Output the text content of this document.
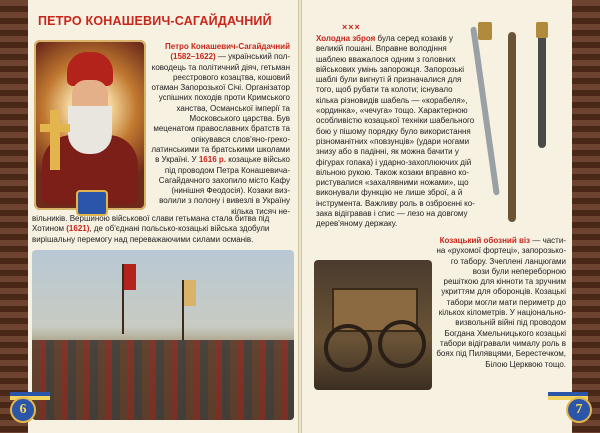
ПЕТРО КОНАШЕВИЧ-САГАЙДАЧНИЙ
Петро Конашевич-Сагайдачний (1582–1622) — український полководець та політичний діяч, гетьман реєстрового козацтва, кошовий отаман Запорозької Січі. Організатор успішних походів проти Кримського ханства, Османської імперії та Московського царства. Був меценатом православних братств та опікувався слов'яно-греколатинськими та братськими школами в Україні. У 1616 р. козацьке військо під проводом Петра Конашевича-Сагайдачного захопило місто Кафу (нинішня Феодосія). Козаки визволили з полону і вивезлі в Україну кілька тисяч не-
вільників. Вершиною військової слави гетьмана стала битва під Хотином (1621), де об'єднані польсько-козацькі війська здобули вирішальну перемогу над переважаючими силами османів.
6
×××
Холодна зброя була серед козаків у великій пошані. Вправне володіння шаблею вважалося одним з головних військових умінь запорожця. Запорозькі шаблі були вигнуті й призначалися для того, щоб рубати та колоти; існувало кілька різновидів шабель — «корабеля», «ординка», «чечуга» тощо. Характерною особливістю козацької техніки шабельного бою у пішому порядку було використання різноманітних «повзунців» (удари ногами знизу або в падінні, як можна бачити у фігурах гопака) і ударно-захоплюючих дій вільною рукою. Також козаки вправно користувалися «захалявними ножами», що виконували функцію не лише зброї, а й інструмента. Важливу роль в озброєнні козака відігравав і спис — лезо на довгому дерев'яному держаку.
Козацький обозний віз — частина «рухомої фортеці», запорозького табору. Зчеплені ланцюгами вози були непереборною решіткою для кінноти та зручним укриттям для оборонців. Козацькі табори могли мати периметр до кількох кілометрів. У національно-визвольній війні під проводом Богдана Хмельницького козацькі табори відігравали чималу роль в боях під Пилявцями, Берестечком, Білою Церквою тощо.
7
